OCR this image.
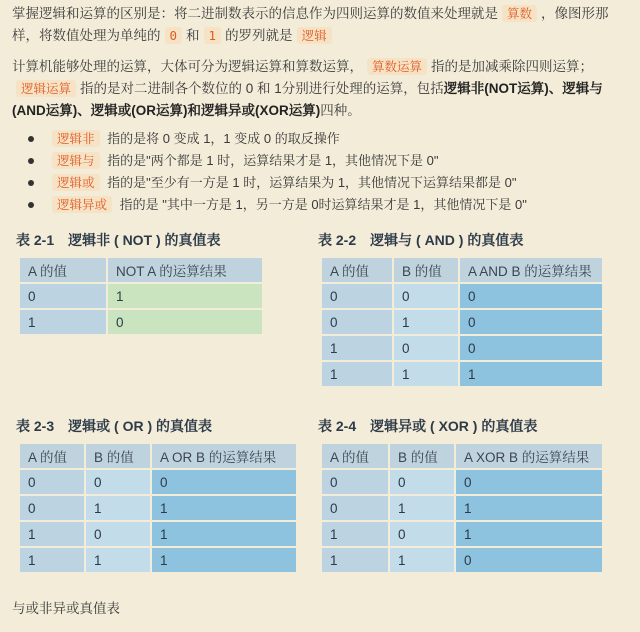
掌握逻辑和运算的区别是：将二进制数表示的信息作为四则运算的数值来处理就是 算数 ，像图形那样，将数值处理为单纯的 0 和 1 的罗列就是 逻辑
计算机能够处理的运算，大体可分为逻辑运算和算数运算， 算数运算 指的是加减乘除四则运算；逻辑运算 指的是对二进制各个数位的 0 和 1分别进行处理的运算，包括逻辑非(NOT运算)、逻辑与(AND运算)、逻辑或(OR运算)和逻辑异或(XOR运算)四种。
逻辑非 指的是将 0 变成 1，1 变成 0 的取反操作
逻辑与 指的是"两个都是 1 时，运算结果才是 1，其他情况下是 0"
逻辑或 指的是"至少有一方是 1 时，运算结果为 1，其他情况下运算结果都是 0"
逻辑异或 指的是 "其中一方是 1，另一方是 0时运算结果才是 1，其他情况下是 0"
表 2-1 逻辑非 ( NOT ) 的真值表
A 的值	NOT A 的运算结果
0	1
1	0
表 2-2 逻辑与 ( AND ) 的真值表
A 的值	B 的值	A AND B 的运算结果
0	0	0
0	1	0
1	0	0
1	1	1
表 2-3 逻辑或 ( OR ) 的真值表
A 的值	B 的值	A OR B 的运算结果
0	0	0
0	1	1
1	0	1
1	1	1
表 2-4 逻辑异或 ( XOR ) 的真值表
A 的值	B 的值	A XOR B 的运算结果
0	0	0
0	1	1
1	0	1
1	1	0
与或非异或真值表
